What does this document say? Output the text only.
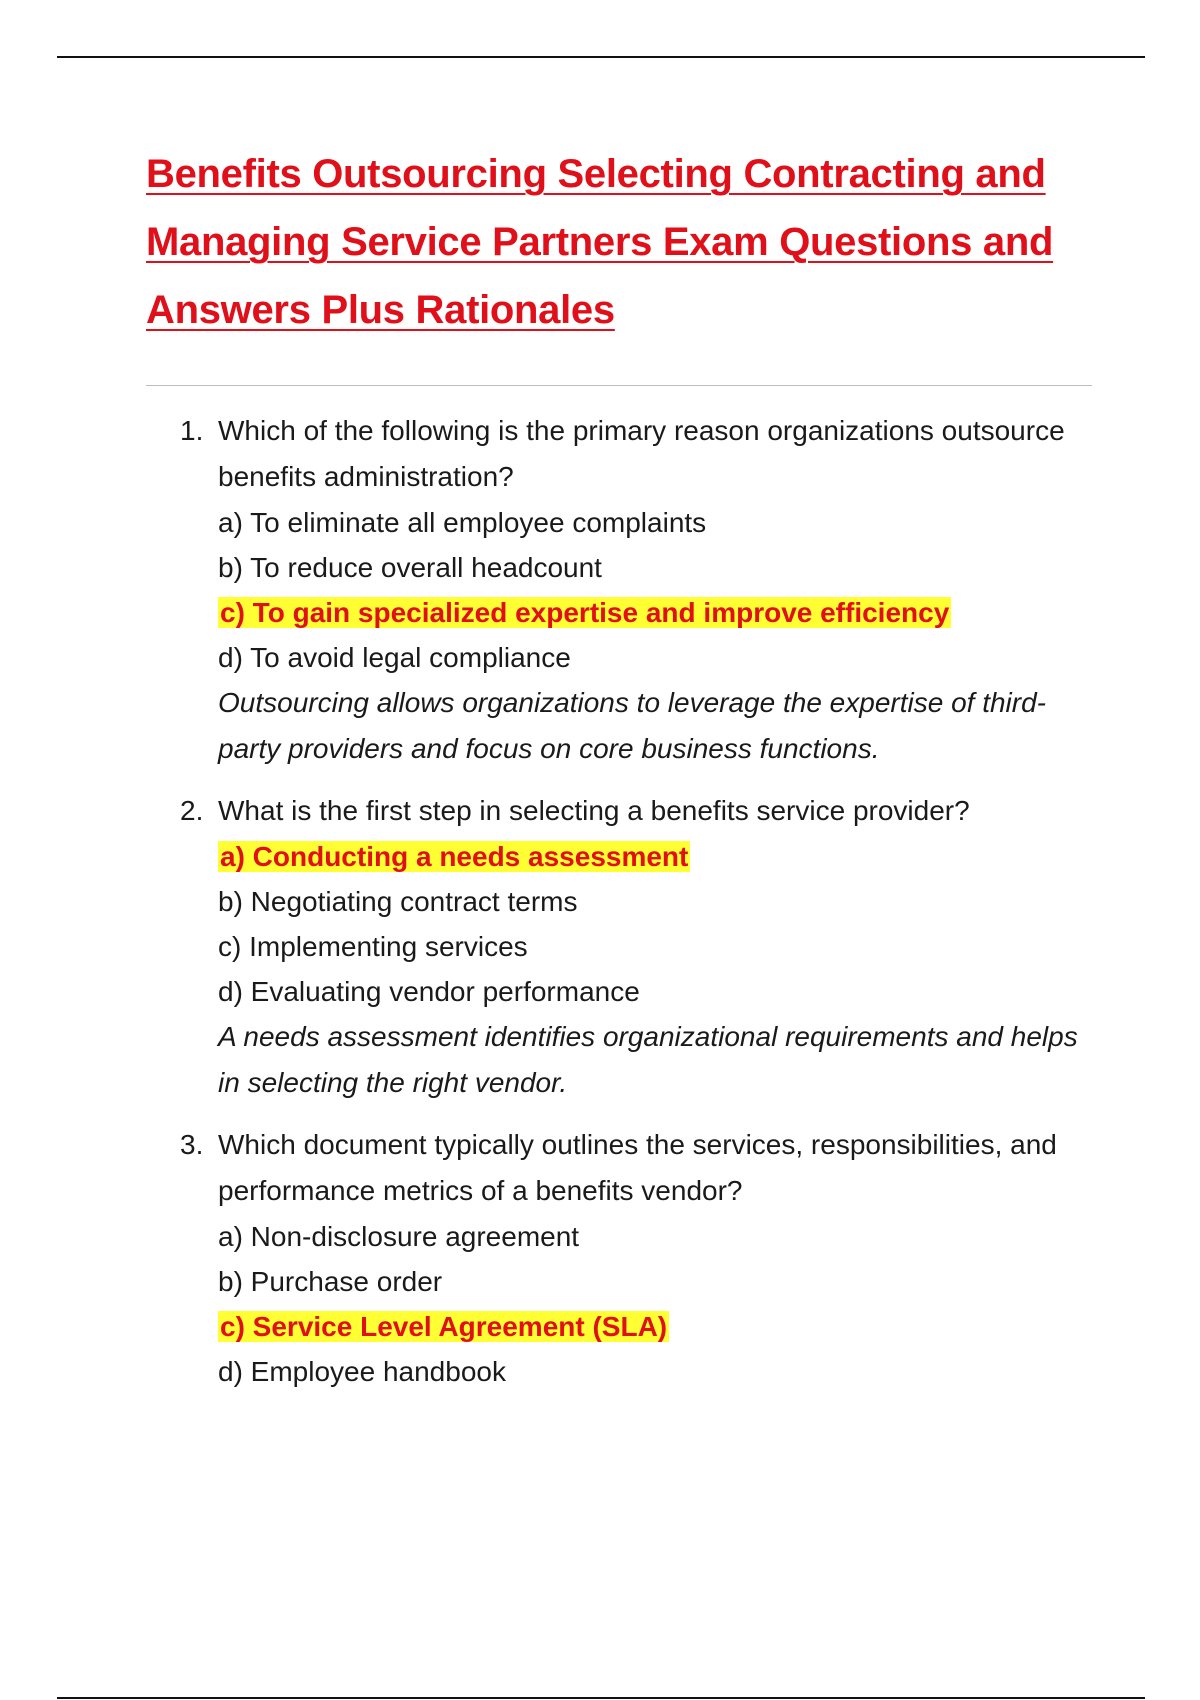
Benefits Outsourcing Selecting Contracting and Managing Service Partners Exam Questions and Answers Plus Rationales
1. Which of the following is the primary reason organizations outsource benefits administration?
a) To eliminate all employee complaints
b) To reduce overall headcount
c) To gain specialized expertise and improve efficiency
d) To avoid legal compliance
Outsourcing allows organizations to leverage the expertise of third-party providers and focus on core business functions.
2. What is the first step in selecting a benefits service provider?
a) Conducting a needs assessment
b) Negotiating contract terms
c) Implementing services
d) Evaluating vendor performance
A needs assessment identifies organizational requirements and helps in selecting the right vendor.
3. Which document typically outlines the services, responsibilities, and performance metrics of a benefits vendor?
a) Non-disclosure agreement
b) Purchase order
c) Service Level Agreement (SLA)
d) Employee handbook
